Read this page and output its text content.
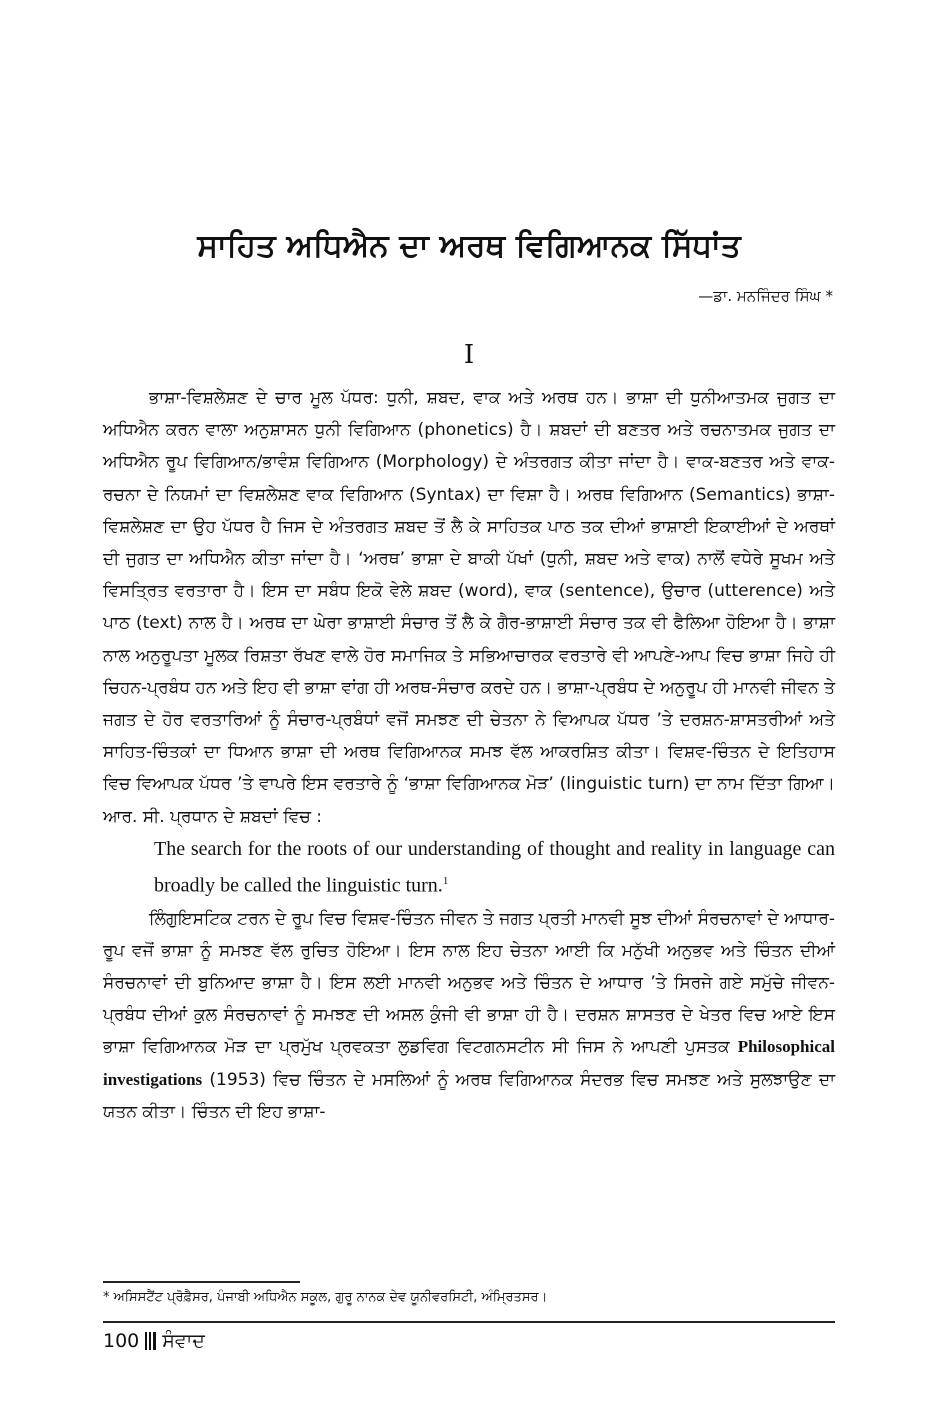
ਸਾਹਿਤ ਅਧਿਐਨ ਦਾ ਅਰਥ ਵਿਗਿਆਨਕ ਸਿੱਧਾਂਤ
—ਡਾ. ਮਨਜਿੰਦਰ ਸਿੰਘ *
I

ਭਾਸ਼ਾ-ਵਿਸ਼ਲੇਸ਼ਣ ਦੇ ਚਾਰ ਮੂਲ ਪੱਧਰ: ਧੁਨੀ, ਸ਼ਬਦ, ਵਾਕ ਅਤੇ ਅਰਥ ਹਨ। ਭਾਸ਼ਾ ਦੀ ਧੁਨੀਆਤਮਕ ਜੁਗਤ ਦਾ ਅਧਿਐਨ ਕਰਨ ਵਾਲਾ ਅਨੁਸ਼ਾਸਨ ਧੁਨੀ ਵਿਗਿਆਨ (phonetics) ਹੈ। ਸ਼ਬਦਾਂ ਦੀ ਬਣਤਰ ਅਤੇ ਰਚਨਾਤਮਕ ਜੁਗਤ ਦਾ ਅਧਿਐਨ ਰੂਪ ਵਿਗਿਆਨ/ਭਾਵੰਸ਼ ਵਿਗਿਆਨ (Morphology) ਦੇ ਅੰਤਰਗਤ ਕੀਤਾ ਜਾਂਦਾ ਹੈ। ਵਾਕ-ਬਣਤਰ ਅਤੇ ਵਾਕ-ਰਚਨਾ ਦੇ ਨਿਯਮਾਂ ਦਾ ਵਿਸ਼ਲੇਸ਼ਣ ਵਾਕ ਵਿਗਿਆਨ (Syntax) ਦਾ ਵਿਸ਼ਾ ਹੈ। ਅਰਥ ਵਿਗਿਆਨ (Semantics) ਭਾਸ਼ਾ-ਵਿਸ਼ਲੇਸ਼ਣ ਦਾ ਉਹ ਪੱਧਰ ਹੈ ਜਿਸ ਦੇ ਅੰਤਰਗਤ ਸ਼ਬਦ ਤੋਂ ਲੈ ਕੇ ਸਾਹਿਤਕ ਪਾਠ ਤਕ ਦੀਆਂ ਭਾਸ਼ਾਈ ਇਕਾਈਆਂ ਦੇ ਅਰਥਾਂ ਦੀ ਜੁਗਤ ਦਾ ਅਧਿਐਨ ਕੀਤਾ ਜਾਂਦਾ ਹੈ। ‘ਅਰਥ’ ਭਾਸ਼ਾ ਦੇ ਬਾਕੀ ਪੱਖਾਂ (ਧੁਨੀ, ਸ਼ਬਦ ਅਤੇ ਵਾਕ) ਨਾਲੋਂ ਵਧੇਰੇ ਸੂਖਮ ਅਤੇ ਵਿਸਤ੍ਰਿਤ ਵਰਤਾਰਾ ਹੈ। ਇਸ ਦਾ ਸਬੰਧ ਇਕੋ ਵੇਲੇ ਸ਼ਬਦ (word), ਵਾਕ (sentence), ਉਚਾਰ (utterence) ਅਤੇ ਪਾਠ (text) ਨਾਲ ਹੈ। ਅਰਥ ਦਾ ਘੇਰਾ ਭਾਸ਼ਾਈ ਸੰਚਾਰ ਤੋਂ ਲੈ ਕੇ ਗੈਰ-ਭਾਸ਼ਾਈ ਸੰਚਾਰ ਤਕ ਵੀ ਫੈਲਿਆ ਹੋਇਆ ਹੈ। ਭਾਸ਼ਾ ਨਾਲ ਅਨੁਰੂਪਤਾ ਮੂਲਕ ਰਿਸ਼ਤਾ ਰੱਖਣ ਵਾਲੇ ਹੋਰ ਸਮਾਜਿਕ ਤੇ ਸਭਿਆਚਾਰਕ ਵਰਤਾਰੇ ਵੀ ਆਪਣੇ-ਆਪ ਵਿਚ ਭਾਸ਼ਾ ਜਿਹੇ ਹੀ ਚਿਹਨ-ਪ੍ਰਬੰਧ ਹਨ ਅਤੇ ਇਹ ਵੀ ਭਾਸ਼ਾ ਵਾਂਗ ਹੀ ਅਰਥ-ਸੰਚਾਰ ਕਰਦੇ ਹਨ। ਭਾਸ਼ਾ-ਪ੍ਰਬੰਧ ਦੇ ਅਨੁਰੂਪ ਹੀ ਮਾਨਵੀ ਜੀਵਨ ਤੇ ਜਗਤ ਦੇ ਹੋਰ ਵਰਤਾਰਿਆਂ ਨੂੰ ਸੰਚਾਰ-ਪ੍ਰਬੰਧਾਂ ਵਜੋਂ ਸਮਝਣ ਦੀ ਚੇਤਨਾ ਨੇ ਵਿਆਪਕ ਪੱਧਰ ’ਤੇ ਦਰਸ਼ਨ-ਸ਼ਾਸਤਰੀਆਂ ਅਤੇ ਸਾਹਿਤ-ਚਿੰਤਕਾਂ ਦਾ ਧਿਆਨ ਭਾਸ਼ਾ ਦੀ ਅਰਥ ਵਿਗਿਆਨਕ ਸਮਝ ਵੱਲ ਆਕਰਸ਼ਿਤ ਕੀਤਾ। ਵਿਸ਼ਵ-ਚਿੰਤਨ ਦੇ ਇਤਿਹਾਸ ਵਿਚ ਵਿਆਪਕ ਪੱਧਰ ’ਤੇ ਵਾਪਰੇ ਇਸ ਵਰਤਾਰੇ ਨੂੰ ‘ਭਾਸ਼ਾ ਵਿਗਿਆਨਕ ਮੋੜ’ (linguistic turn) ਦਾ ਨਾਮ ਦਿੱਤਾ ਗਿਆ। ਆਰ. ਸੀ. ਪ੍ਰਧਾਨ ਦੇ ਸ਼ਬਦਾਂ ਵਿਚ :

The search for the roots of our understanding of thought and reality in language can broadly be called the linguistic turn.$^1$

ਲਿੰਗੁਇਸਟਿਕ ਟਰਨ ਦੇ ਰੂਪ ਵਿਚ ਵਿਸ਼ਵ-ਚਿੰਤਨ ਜੀਵਨ ਤੇ ਜਗਤ ਪ੍ਰਤੀ ਮਾਨਵੀ ਸੂਝ ਦੀਆਂ ਸੰਰਚਨਾਵਾਂ ਦੇ ਆਧਾਰ-ਰੂਪ ਵਜੋਂ ਭਾਸ਼ਾ ਨੂੰ ਸਮਝਣ ਵੱਲ ਰੁਚਿਤ ਹੋਇਆ। ਇਸ ਨਾਲ ਇਹ ਚੇਤਨਾ ਆਈ ਕਿ ਮਨੁੱਖੀ ਅਨੁਭਵ ਅਤੇ ਚਿੰਤਨ ਦੀਆਂ ਸੰਰਚਨਾਵਾਂ ਦੀ ਬੁਨਿਆਦ ਭਾਸ਼ਾ ਹੈ। ਇਸ ਲਈ ਮਾਨਵੀ ਅਨੁਭਵ ਅਤੇ ਚਿੰਤਨ ਦੇ ਆਧਾਰ ’ਤੇ ਸਿਰਜੇ ਗਏ ਸਮੁੱਚੇ ਜੀਵਨ-ਪ੍ਰਬੰਧ ਦੀਆਂ ਕੁਲ ਸੰਰਚਨਾਵਾਂ ਨੂੰ ਸਮਝਣ ਦੀ ਅਸਲ ਕੁੰਜੀ ਵੀ ਭਾਸ਼ਾ ਹੀ ਹੈ। ਦਰਸ਼ਨ ਸ਼ਾਸਤਰ ਦੇ ਖੇਤਰ ਵਿਚ ਆਏ ਇਸ ਭਾਸ਼ਾ ਵਿਗਿਆਨਕ ਮੋੜ ਦਾ ਪ੍ਰਮੁੱਖ ਪ੍ਰਵਕਤਾ ਲੁਡਵਿਗ ਵਿਟਗਨਸਟੀਨ ਸੀ ਜਿਸ ਨੇ ਆਪਣੀ ਪੁਸਤਕ Philosophical investigations (1953) ਵਿਚ ਚਿੰਤਨ ਦੇ ਮਸਲਿਆਂ ਨੂੰ ਅਰਥ ਵਿਗਿਆਨਕ ਸੰਦਰਭ ਵਿਚ ਸਮਝਣ ਅਤੇ ਸੁਲਝਾਉਣ ਦਾ ਯਤਨ ਕੀਤਾ। ਚਿੰਤਨ ਦੀ ਇਹ ਭਾਸ਼ਾ-

* ਅਸਿਸਟੈਂਟ ਪ੍ਰੋਫ਼ੈਸਰ, ਪੰਜਾਬੀ ਅਧਿਐਨ ਸਕੂਲ, ਗੁਰੂ ਨਾਨਕ ਦੇਵ ਯੂਨੀਵਰਸਿਟੀ, ਅੰਮ੍ਰਿਤਸਰ।
100 ਸੰਵਾਦ
